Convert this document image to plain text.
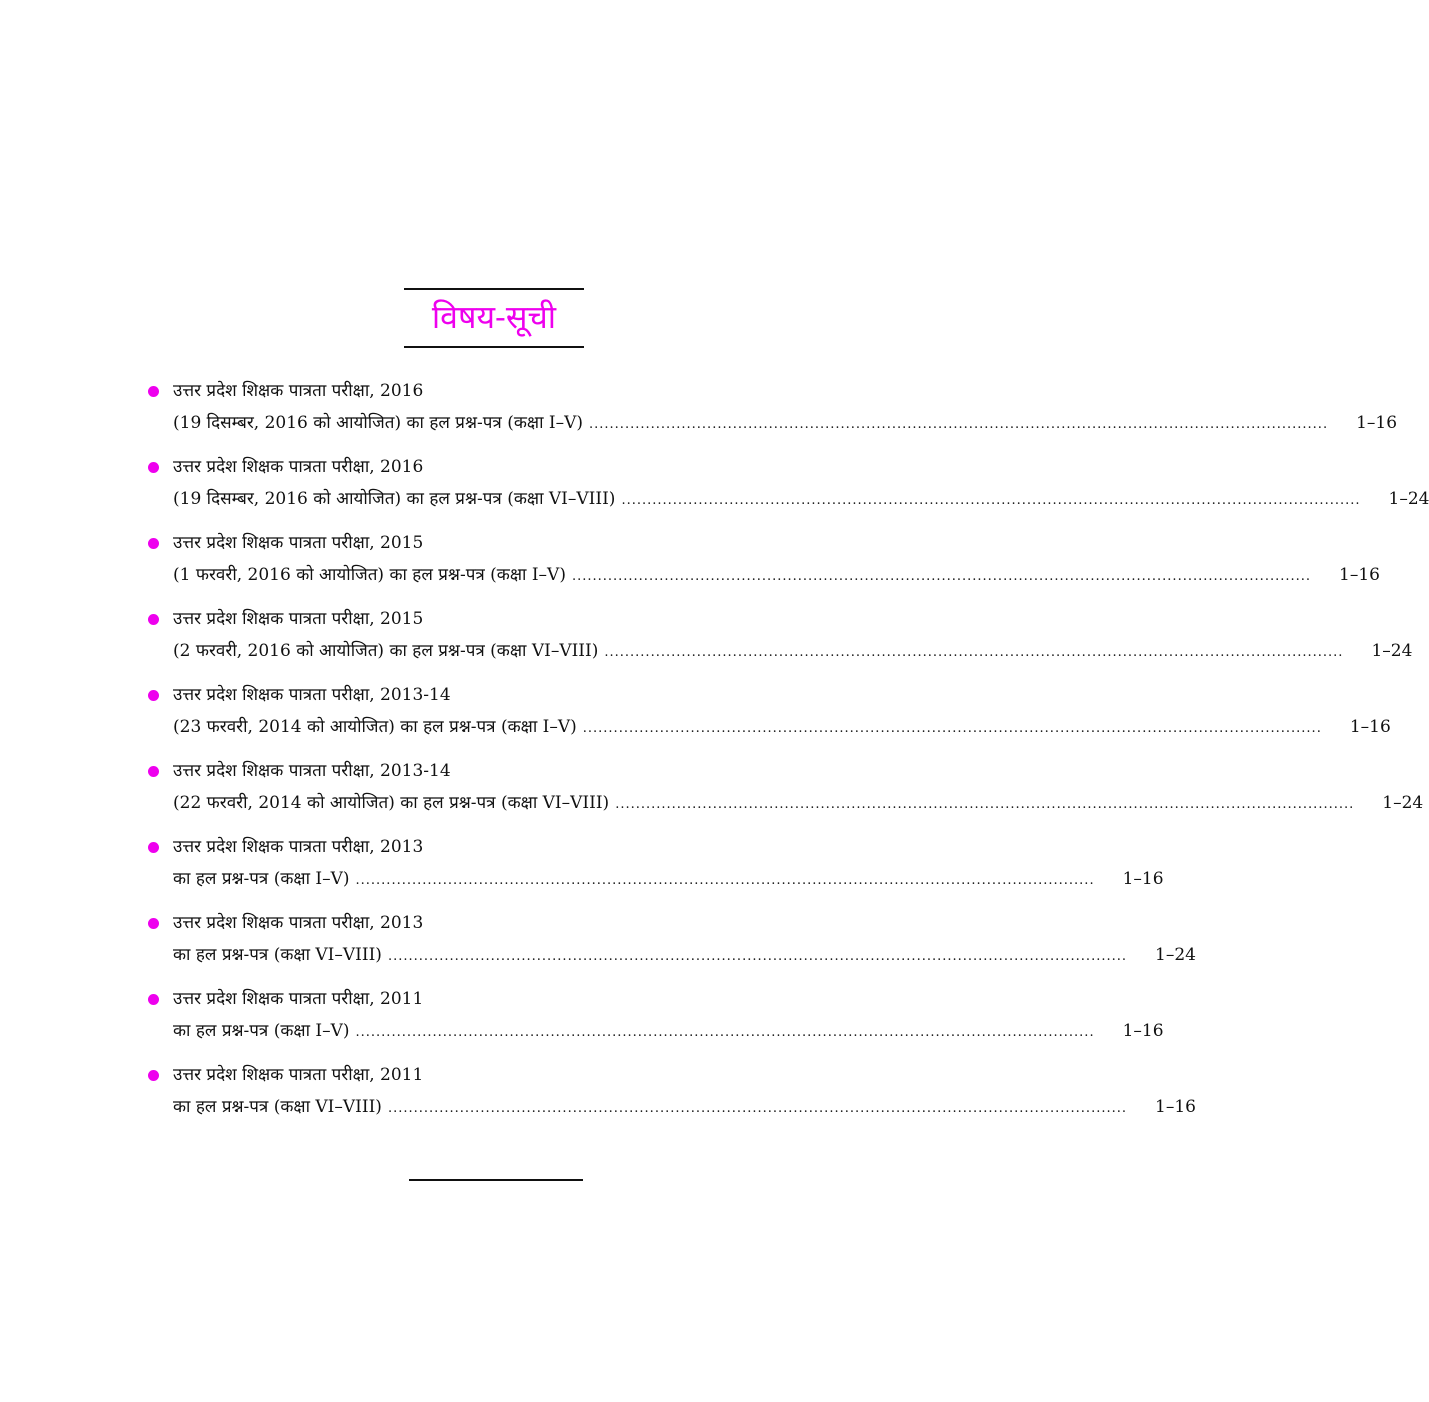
विषय-सूची
उत्तर प्रदेश शिक्षक पात्रता परीक्षा, 2016
(19 दिसम्बर, 2016 को आयोजित) का हल प्रश्न-पत्र (कक्षा I–V) ................................................................................................................................................ 1–16
उत्तर प्रदेश शिक्षक पात्रता परीक्षा, 2016
(19 दिसम्बर, 2016 को आयोजित) का हल प्रश्न-पत्र (कक्षा VI–VIII) ................................................................................................................................................ 1–24
उत्तर प्रदेश शिक्षक पात्रता परीक्षा, 2015
(1 फरवरी, 2016 को आयोजित) का हल प्रश्न-पत्र (कक्षा I–V) ................................................................................................................................................ 1–16
उत्तर प्रदेश शिक्षक पात्रता परीक्षा, 2015
(2 फरवरी, 2016 को आयोजित) का हल प्रश्न-पत्र (कक्षा VI–VIII) ................................................................................................................................................ 1–24
उत्तर प्रदेश शिक्षक पात्रता परीक्षा, 2013-14
(23 फरवरी, 2014 को आयोजित) का हल प्रश्न-पत्र (कक्षा I–V) ................................................................................................................................................ 1–16
उत्तर प्रदेश शिक्षक पात्रता परीक्षा, 2013-14
(22 फरवरी, 2014 को आयोजित) का हल प्रश्न-पत्र (कक्षा VI–VIII) ................................................................................................................................................ 1–24
उत्तर प्रदेश शिक्षक पात्रता परीक्षा, 2013
का हल प्रश्न-पत्र (कक्षा I–V) ................................................................................................................................................ 1–16
उत्तर प्रदेश शिक्षक पात्रता परीक्षा, 2013
का हल प्रश्न-पत्र (कक्षा VI–VIII) ................................................................................................................................................ 1–24
उत्तर प्रदेश शिक्षक पात्रता परीक्षा, 2011
का हल प्रश्न-पत्र (कक्षा I–V) ................................................................................................................................................ 1–16
उत्तर प्रदेश शिक्षक पात्रता परीक्षा, 2011
का हल प्रश्न-पत्र (कक्षा VI–VIII) ................................................................................................................................................ 1–16
